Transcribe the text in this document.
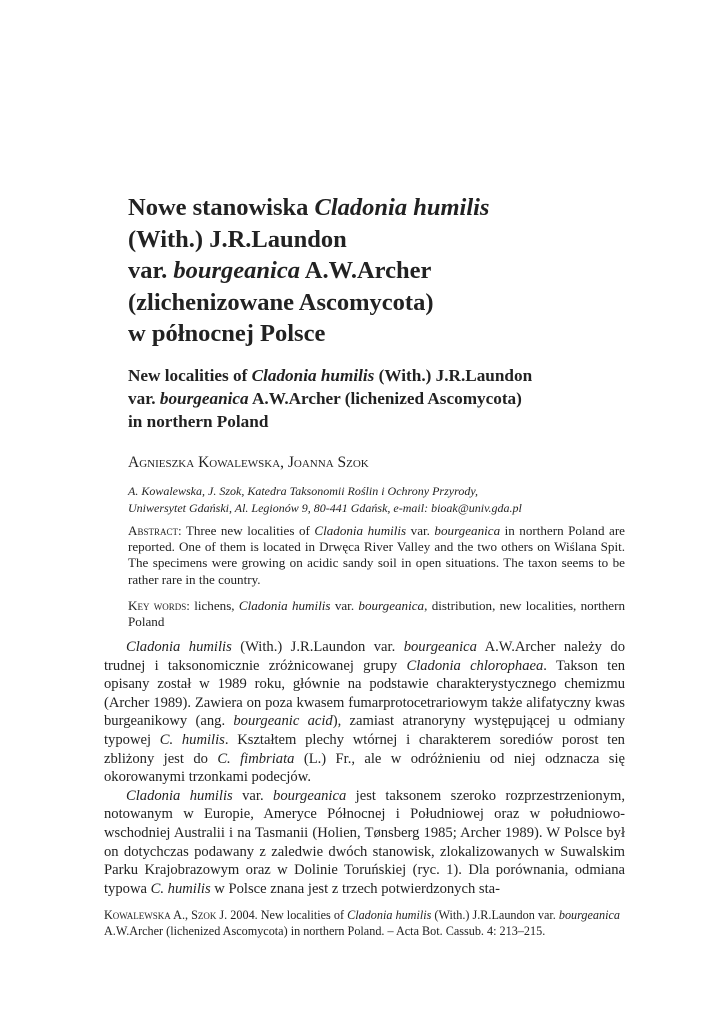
Nowe stanowiska Cladonia humilis
(With.) J.R.Laundon
var. bourgeanica A.W.Archer
(zlichenizowane Ascomycota)
w północnej Polsce
New localities of Cladonia humilis (With.) J.R.Laundon
var. bourgeanica A.W.Archer (lichenized Ascomycota)
in northern Poland
Agnieszka Kowalewska, Joanna Szok
A. Kowalewska, J. Szok, Katedra Taksonomii Roślin i Ochrony Przyrody,
Uniwersytet Gdański, Al. Legionów 9, 80-441 Gdańsk, e-mail: bioak@univ.gda.pl
Abstract: Three new localities of Cladonia humilis var. bourgeanica in northern Poland are reported. One of them is located in Drwęca River Valley and the two others on Wiślana Spit. The specimens were growing on acidic sandy soil in open situations. The taxon seems to be rather rare in the country.
Key words: lichens, Cladonia humilis var. bourgeanica, distribution, new localities, northern Poland

Cladonia humilis (With.) J.R.Laundon var. bourgeanica A.W.Archer należy do trudnej i taksonomicznie zróżnicowanej grupy Cladonia chlorophaea. Takson ten opisany został w 1989 roku, głównie na podstawie charakterystycznego chemizmu (Archer 1989). Zawiera on poza kwasem fumarprotocetrariowym także alifatyczny kwas burgeanikowy (ang. bourgeanic acid), zamiast atranoryny występującej u odmiany typowej C. humilis. Kształtem plechy wtórnej i charakterem sorediów porost ten zbliżony jest do C. fimbriata (L.) Fr., ale w odróżnieniu od niej odznacza się okorowanymi trzonkami podecjów.

Cladonia humilis var. bourgeanica jest taksonem szeroko rozprzestrzenionym, notowanym w Europie, Ameryce Północnej i Południowej oraz w południowo-wschodniej Australii i na Tasmanii (Holien, Tønsberg 1985; Archer 1989). W Polsce był on dotychczas podawany z zaledwie dwóch stanowisk, zlokalizowanych w Suwalskim Parku Krajobrazowym oraz w Dolinie Toruńskiej (ryc. 1). Dla porównania, odmiana typowa C. humilis w Polsce znana jest z trzech potwierdzonych sta-

Kowalewska A., Szok J. 2004. New localities of Cladonia humilis (With.) J.R.Laundon var. bourgeanica A.W.Archer (lichenized Ascomycota) in northern Poland. – Acta Bot. Cassub. 4: 213–215.
